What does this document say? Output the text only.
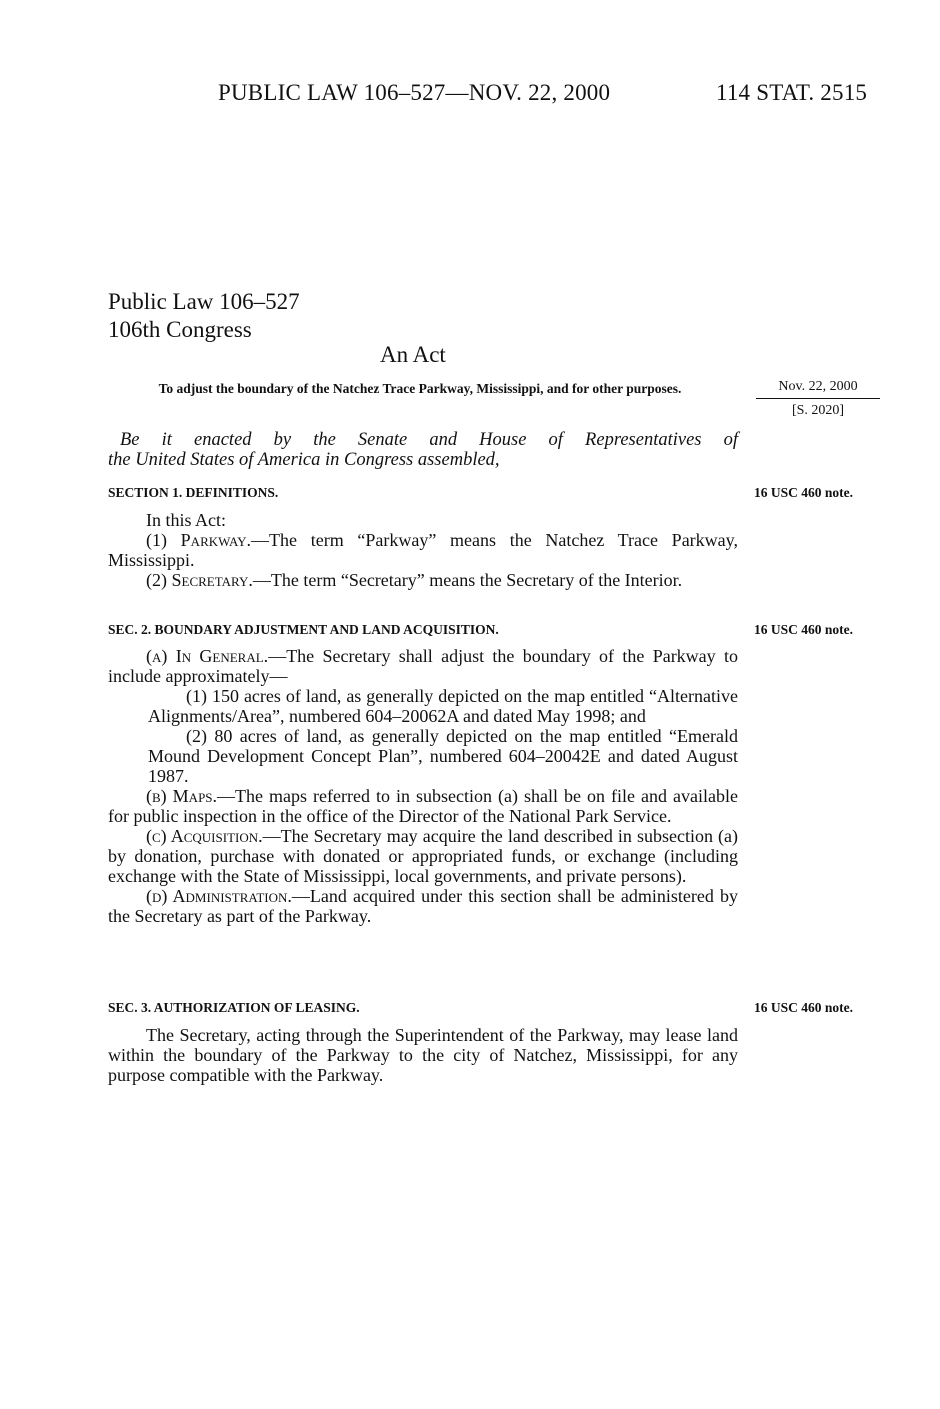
PUBLIC LAW 106–527—NOV. 22, 2000	114 STAT. 2515
Public Law 106–527
106th Congress
An Act
To adjust the boundary of the Natchez Trace Parkway, Mississippi, and for other purposes.	Nov. 22, 2000
[S. 2020]
Be it enacted by the Senate and House of Representatives of
the United States of America in Congress assembled,
SECTION 1. DEFINITIONS.	16 USC 460 note.

In this Act:

(1) Parkway.—The term “Parkway” means the Natchez Trace Parkway, Mississippi.

(2) Secretary.—The term “Secretary” means the Secretary of the Interior.

SEC. 2. BOUNDARY ADJUSTMENT AND LAND ACQUISITION.	16 USC 460 note.

(a) In General.—The Secretary shall adjust the boundary of the Parkway to include approximately—

(1) 150 acres of land, as generally depicted on the map entitled “Alternative Alignments/Area”, numbered 604–20062A and dated May 1998; and

(2) 80 acres of land, as generally depicted on the map entitled “Emerald Mound Development Concept Plan”, numbered 604–20042E and dated August 1987.

(b) Maps.—The maps referred to in subsection (a) shall be on file and available for public inspection in the office of the Director of the National Park Service.

(c) Acquisition.—The Secretary may acquire the land described in subsection (a) by donation, purchase with donated or appropriated funds, or exchange (including exchange with the State of Mississippi, local governments, and private persons).

(d) Administration.—Land acquired under this section shall be administered by the Secretary as part of the Parkway.

SEC. 3. AUTHORIZATION OF LEASING.	16 USC 460 note.

The Secretary, acting through the Superintendent of the Parkway, may lease land within the boundary of the Parkway to the city of Natchez, Mississippi, for any purpose compatible with the Parkway.
